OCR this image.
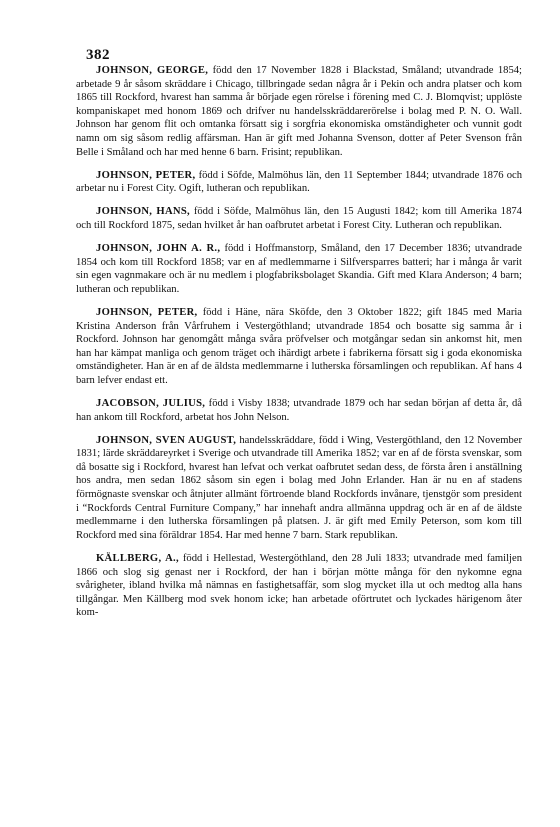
382

JOHNSON, GEORGE, född den 17 November 1828 i Blackstad, Småland; utvandrade 1854; arbetade 9 år såsom skräddare i Chicago, tillbringade sedan några år i Pekin och andra platser och kom 1865 till Rockford, hvarest han samma år började egen rörelse i förening med C. J. Blomqvist; upplöste kompaniskapet med honom 1869 och drifver nu handelsskräddarerörelse i bolag med P. N. O. Wall. Johnson har genom flit och omtanka försatt sig i sorgfria ekonomiska omständigheter och vunnit godt namn om sig såsom redlig affärsman. Han är gift med Johanna Svenson, dotter af Peter Svenson från Belle i Småland och har med henne 6 barn. Frisint; republikan.

JOHNSON, PETER, född i Söfde, Malmöhus län, den 11 September 1844; utvandrade 1876 och arbetar nu i Forest City. Ogift, lutheran och republikan.

JOHNSON, HANS, född i Söfde, Malmöhus län, den 15 Augusti 1842; kom till Amerika 1874 och till Rockford 1875, sedan hvilket år han oafbrutet arbetat i Forest City. Lutheran och republikan.

JOHNSON, JOHN A. R., född i Hoffmanstorp, Småland, den 17 December 1836; utvandrade 1854 och kom till Rockford 1858; var en af medlemmarne i Silfversparres batteri; har i många år varit sin egen vagnmakare och är nu medlem i plogfabriksbolaget Skandia. Gift med Klara Anderson; 4 barn; lutheran och republikan.

JOHNSON, PETER, född i Häne, nära Sköfde, den 3 Oktober 1822; gift 1845 med Maria Kristina Anderson från Vårfruhem i Vestergöthland; utvandrade 1854 och bosatte sig samma år i Rockford. Johnson har genomgått många svåra pröfvelser och motgångar sedan sin ankomst hit, men han har kämpat manliga och genom träget och ihärdigt arbete i fabrikerna försatt sig i goda ekonomiska omständigheter. Han är en af de äldsta medlemmarne i lutherska församlingen och republikan. Af hans 4 barn lefver endast ett.

JACOBSON, JULIUS, född i Visby 1838; utvandrade 1879 och har sedan början af detta år, då han ankom till Rockford, arbetat hos John Nelson.

JOHNSON, SVEN AUGUST, handelsskräddare, född i Wing, Vestergöthland, den 12 November 1831; lärde skräddareyrket i Sverige och utvandrade till Amerika 1852; var en af de första svenskar, som då bosatte sig i Rockford, hvarest han lefvat och verkat oafbrutet sedan dess, de första åren i anställning hos andra, men sedan 1862 såsom sin egen i bolag med John Erlander. Han är nu en af stadens förmögnaste svenskar och åtnjuter allmänt förtroende bland Rockfords invånare, tjenstgör som president i “Rockfords Central Furniture Company,” har innehaft andra allmänna uppdrag och är en af de äldste medlemmarne i den lutherska församlingen på platsen. J. är gift med Emily Peterson, som kom till Rockford med sina föräldrar 1854. Har med henne 7 barn. Stark republikan.

KÄLLBERG, A., född i Hellestad, Westergöthland, den 28 Juli 1833; utvandrade med familjen 1866 och slog sig genast ner i Rockford, der han i början mötte många för den nykomne egna svårigheter, ibland hvilka må nämnas en fastighetsaffär, som slog mycket illa ut och medtog alla hans tillgångar. Men Källberg mod svek honom icke; han arbetade oförtrutet och lyckades härigenom åter kom-
